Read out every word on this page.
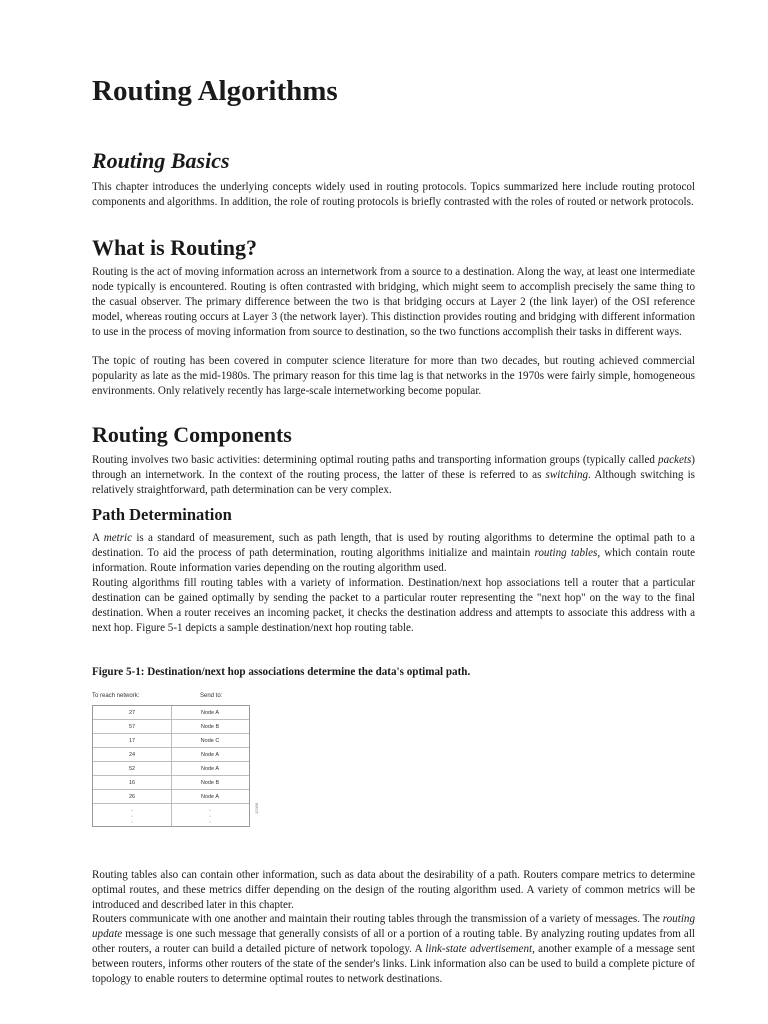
Routing Algorithms
Routing Basics

This chapter introduces the underlying concepts widely used in routing protocols. Topics summarized here include routing protocol components and algorithms. In addition, the role of routing protocols is briefly contrasted with the roles of routed or network protocols.

What is Routing?

Routing is the act of moving information across an internetwork from a source to a destination. Along the way, at least one intermediate node typically is encountered. Routing is often contrasted with bridging, which might seem to accomplish precisely the same thing to the casual observer. The primary difference between the two is that bridging occurs at Layer 2 (the link layer) of the OSI reference model, whereas routing occurs at Layer 3 (the network layer). This distinction provides routing and bridging with different information to use in the process of moving information from source to destination, so the two functions accomplish their tasks in different ways.

The topic of routing has been covered in computer science literature for more than two decades, but routing achieved commercial popularity as late as the mid-1980s. The primary reason for this time lag is that networks in the 1970s were fairly simple, homogeneous environments. Only relatively recently has large-scale internetworking become popular.

Routing Components

Routing involves two basic activities: determining optimal routing paths and transporting information groups (typically called packets) through an internetwork. In the context of the routing process, the latter of these is referred to as switching. Although switching is relatively straightforward, path determination can be very complex.

Path Determination

A metric is a standard of measurement, such as path length, that is used by routing algorithms to determine the optimal path to a destination. To aid the process of path determination, routing algorithms initialize and maintain routing tables, which contain route information. Route information varies depending on the routing algorithm used.

Routing algorithms fill routing tables with a variety of information. Destination/next hop associations tell a router that a particular destination can be gained optimally by sending the packet to a particular router representing the "next hop" on the way to the final destination. When a router receives an incoming packet, it checks the destination address and attempts to associate this address with a next hop. Figure 5-1 depicts a sample destination/next hop routing table.

Figure 5-1: Destination/next hop associations determine the data's optimal path.
To reach network:	Send to:
27	Node A
57	Node B
17	Node C
24	Node A
52	Node A
16	Node B
26	Node A
·
·
·
·
·
·
12306

Routing tables also can contain other information, such as data about the desirability of a path. Routers compare metrics to determine optimal routes, and these metrics differ depending on the design of the routing algorithm used. A variety of common metrics will be introduced and described later in this chapter.

Routers communicate with one another and maintain their routing tables through the transmission of a variety of messages. The routing update message is one such message that generally consists of all or a portion of a routing table. By analyzing routing updates from all other routers, a router can build a detailed picture of network topology. A link-state advertisement, another example of a message sent between routers, informs other routers of the state of the sender's links. Link information also can be used to build a complete picture of topology to enable routers to determine optimal routes to network destinations.
